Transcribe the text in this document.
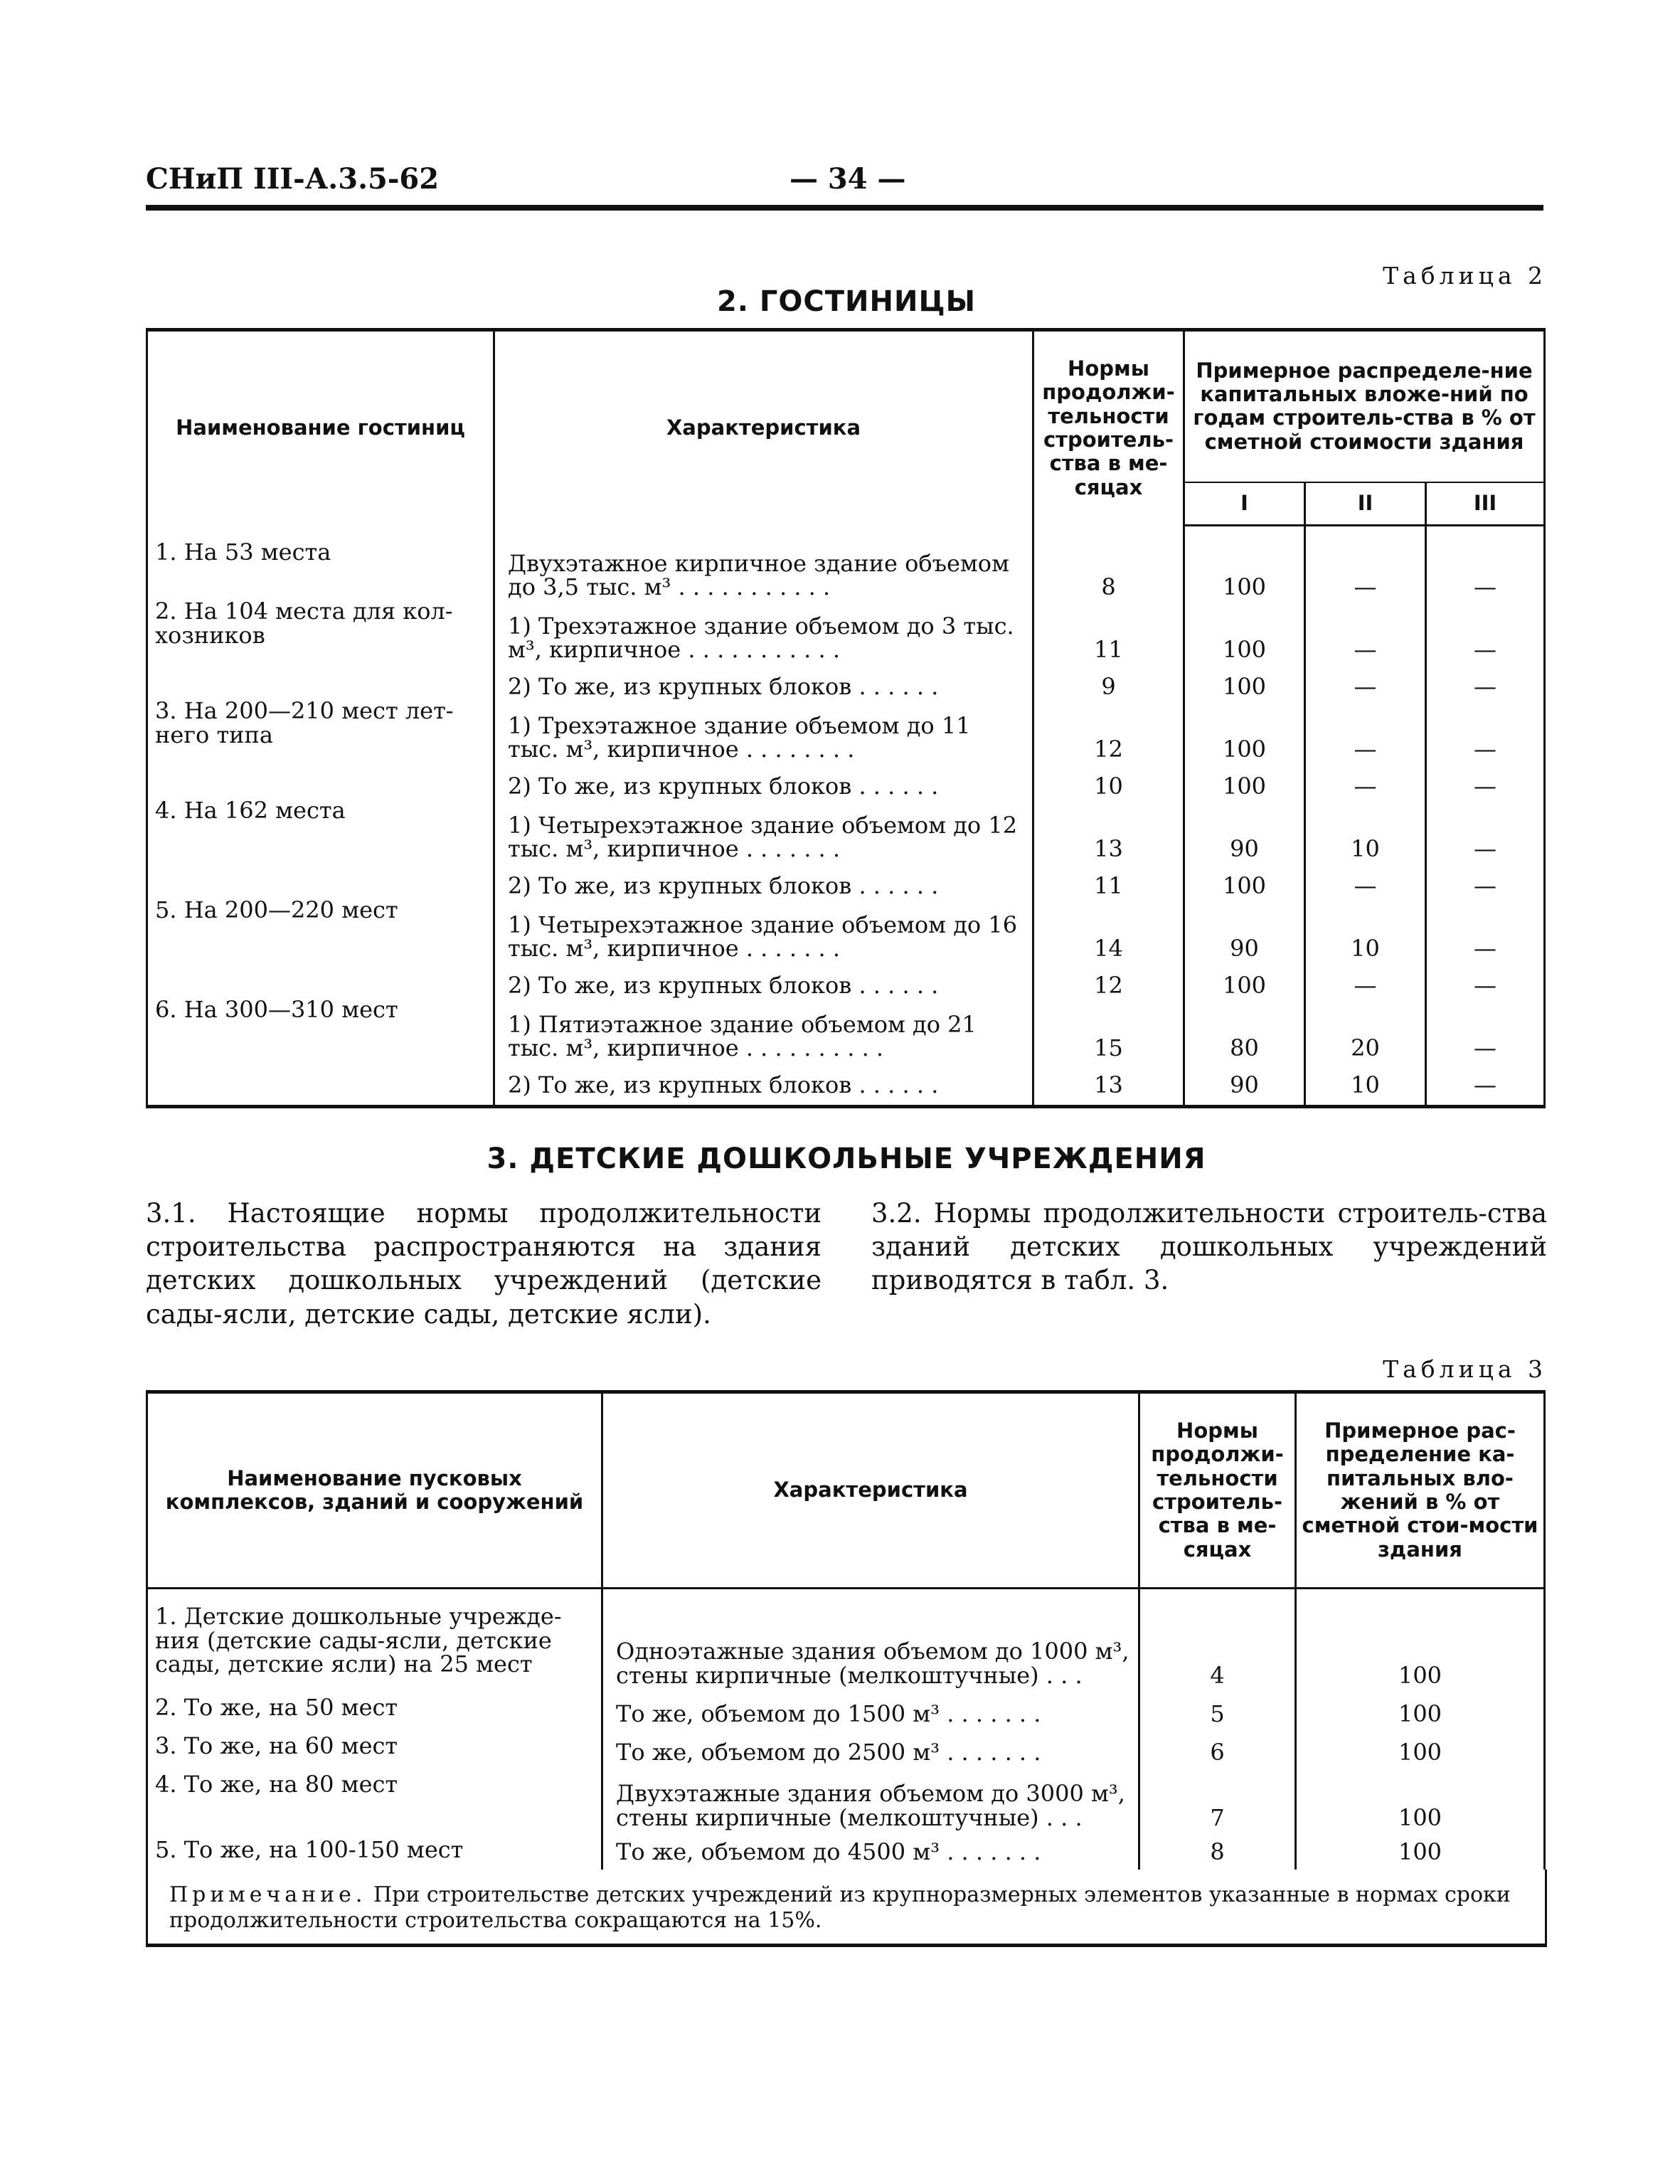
СНиП III-А.3.5-62	— 34 —
Таблица 2
2. ГОСТИНИЦЫ
Наименование гостиниц	Характеристика	Нормы продолжи-тельности строитель-ства в ме-сяцах	Примерное распределе-ние капитальных вложе-ний по годам строитель-ства в % от сметной стоимости здания		
			I	II	III
1. На 53 места	Двухэтажное кирпичное здание объемом до 3,5 тыс. м³ . . . . . . . . . . .	8	100	—	—
2. На 104 места для кол-хозников	1) Трехэтажное здание объемом до 3 тыс. м³, кирпичное . . . . . . . . . . .	11	100	—	—
	2) То же, из крупных блоков . . . . . .	9	100	—	—
3. На 200—210 мест лет-него типа	1) Трехэтажное здание объемом до 11 тыс. м³, кирпичное . . . . . . . .	12	100	—	—
	2) То же, из крупных блоков . . . . . .	10	100	—	—
4. На 162 места	1) Четырехэтажное здание объемом до 12 тыс. м³, кирпичное . . . . . . .	13	90	10	—
	2) То же, из крупных блоков . . . . . .	11	100	—	—
5. На 200—220 мест	1) Четырехэтажное здание объемом до 16 тыс. м³, кирпичное . . . . . . .	14	90	10	—
	2) То же, из крупных блоков . . . . . .	12	100	—	—
6. На 300—310 мест	1) Пятиэтажное здание объемом до 21 тыс. м³, кирпичное . . . . . . . . . .	15	80	20	—
	2) То же, из крупных блоков . . . . . .	13	90	10	—
3. ДЕТСКИЕ ДОШКОЛЬНЫЕ УЧРЕЖДЕНИЯ

3.1. Настоящие нормы продолжительности строительства распространяются на здания детских дошкольных учреждений (детские сады-ясли, детские сады, детские ясли).

3.2. Нормы продолжительности строитель-ства зданий детских дошкольных учреждений приводятся в табл. 3.

Таблица 3
Наименование пусковых комплексов, зданий и сооружений	Характеристика	Нормы продолжи-тельности строитель-ства в ме-сяцах	Примерное рас-пределение ка-питальных вло-жений в % от сметной стои-мости здания
1. Детские дошкольные учрежде-ния (детские сады-ясли, детские сады, детские ясли) на 25 мест	Одноэтажные здания объемом до 1000 м³, стены кирпичные (мелкоштучные) . . .	4	100
2. То же, на 50 мест	То же, объемом до 1500 м³ . . . . . . .	5	100
3. То же, на 60 мест	То же, объемом до 2500 м³ . . . . . . .	6	100
4. То же, на 80 мест	Двухэтажные здания объемом до 3000 м³, стены кирпичные (мелкоштучные) . . .	7	100
5. То же, на 100-150 мест	То же, объемом до 4500 м³ . . . . . . .	8	100
Примечание. При строительстве детских учреждений из крупноразмерных элементов указанные в нормах сроки продолжительности строительства сокращаются на 15%.
